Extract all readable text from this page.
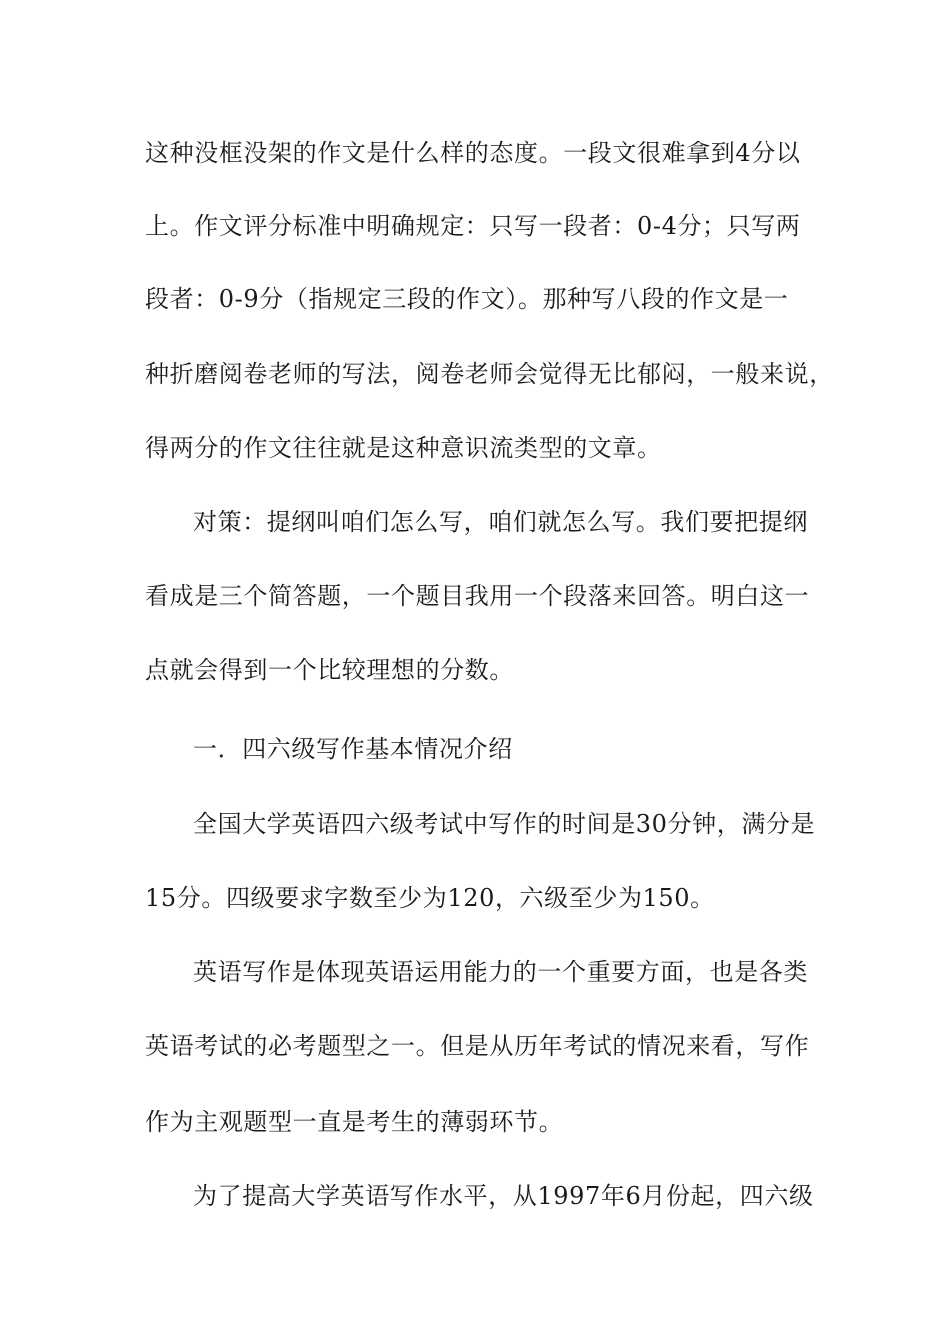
这种没框没架的作文是什么样的态度。一段文很难拿到4分以
上。作文评分标准中明确规定：只写一段者：0-4分；只写两
段者：0-9分（指规定三段的作文）。那种写八段的作文是一
种折磨阅卷老师的写法，阅卷老师会觉得无比郁闷，一般来说，
得两分的作文往往就是这种意识流类型的文章。
对策：提纲叫咱们怎么写，咱们就怎么写。我们要把提纲
看成是三个简答题，一个题目我用一个段落来回答。明白这一
点就会得到一个比较理想的分数。
一．四六级写作基本情况介绍
全国大学英语四六级考试中写作的时间是30分钟，满分是
15分。四级要求字数至少为120，六级至少为150。
英语写作是体现英语运用能力的一个重要方面，也是各类
英语考试的必考题型之一。但是从历年考试的情况来看，写作
作为主观题型一直是考生的薄弱环节。
为了提高大学英语写作水平，从1997年6月份起，四六级
